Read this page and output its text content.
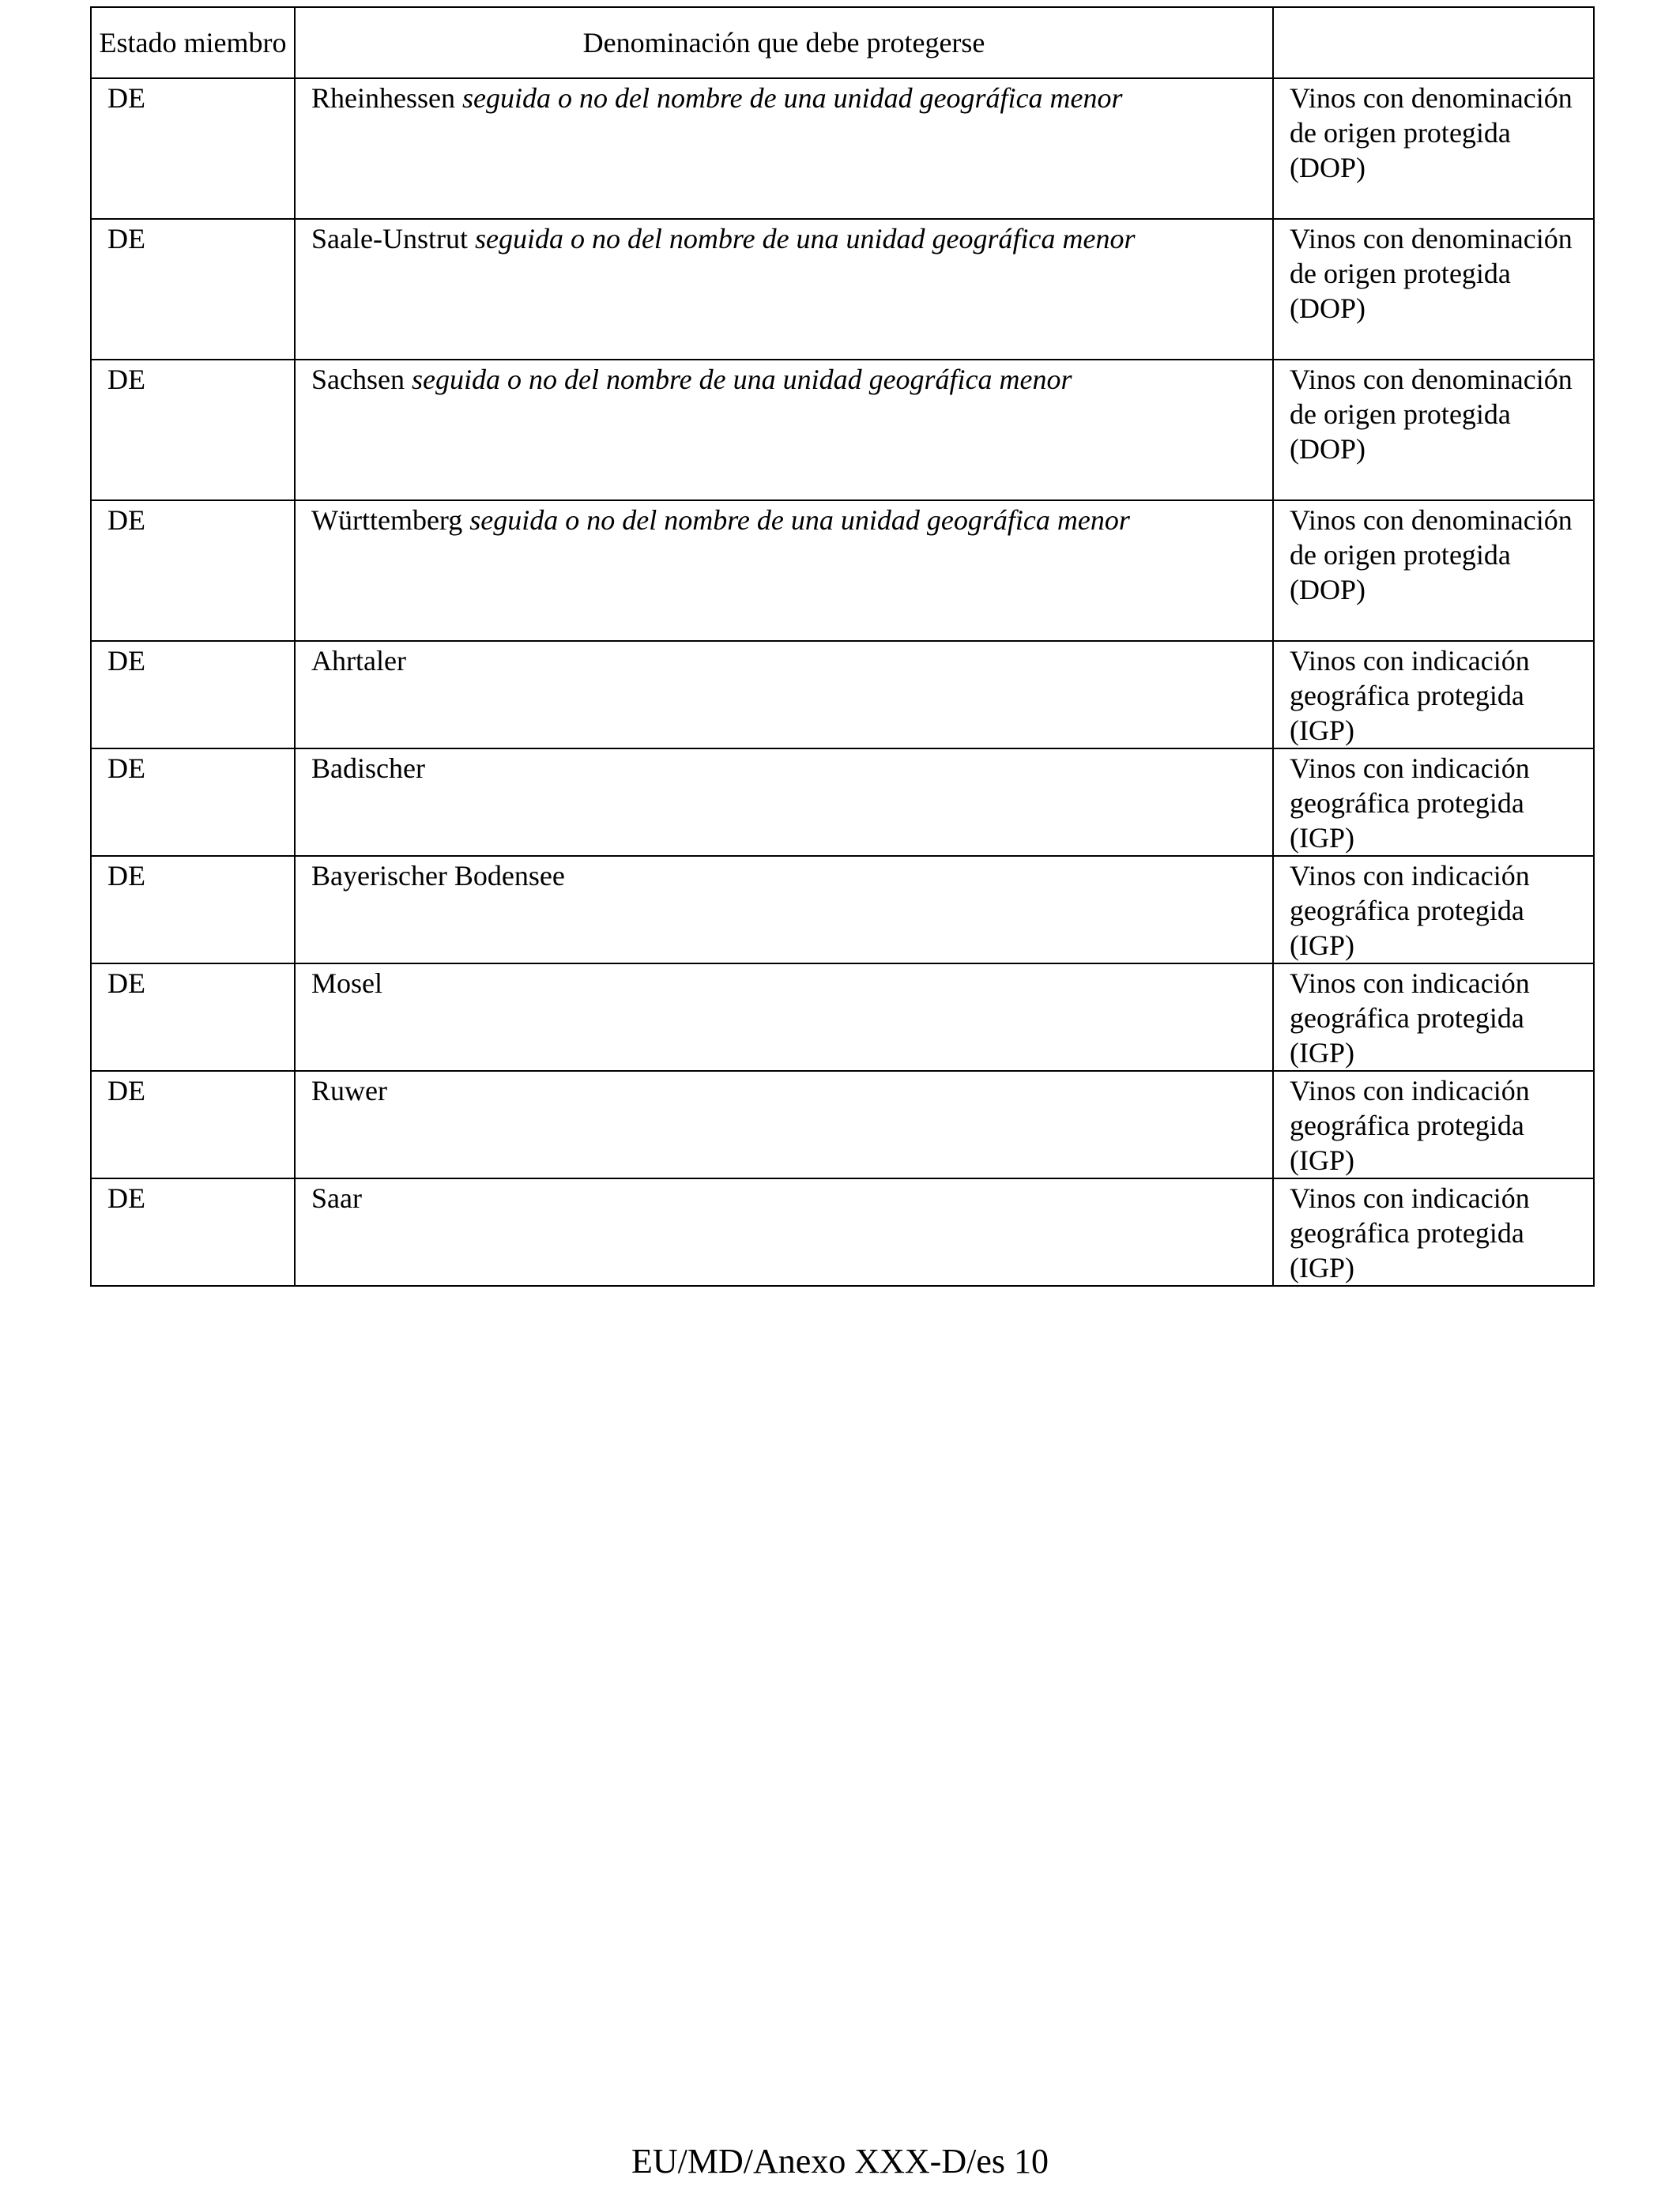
Estado miembro	Denominación que debe protegerse	
DE	Rheinhessen seguida o no del nombre de una unidad geográfica menor	Vinos con denominación de origen protegida (DOP)
DE	Saale-Unstrut seguida o no del nombre de una unidad geográfica menor	Vinos con denominación de origen protegida (DOP)
DE	Sachsen seguida o no del nombre de una unidad geográfica menor	Vinos con denominación de origen protegida (DOP)
DE	Württemberg seguida o no del nombre de una unidad geográfica menor	Vinos con denominación de origen protegida (DOP)
DE	Ahrtaler	Vinos con indicación geográfica protegida (IGP)
DE	Badischer	Vinos con indicación geográfica protegida (IGP)
DE	Bayerischer Bodensee	Vinos con indicación geográfica protegida (IGP)
DE	Mosel	Vinos con indicación geográfica protegida (IGP)
DE	Ruwer	Vinos con indicación geográfica protegida (IGP)
DE	Saar	Vinos con indicación geográfica protegida (IGP)
EU/MD/Anexo XXX-D/es 10
